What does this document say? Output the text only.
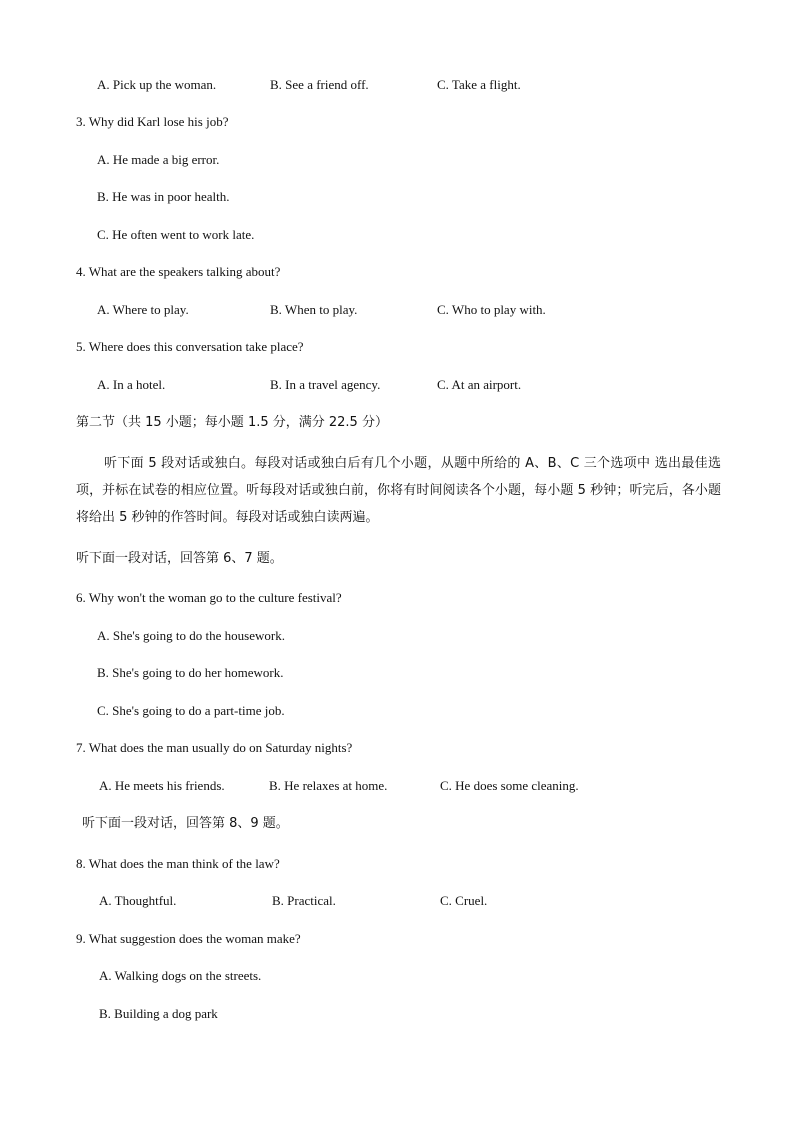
A. Pick up the woman.	B. See a friend off.	C. Take a flight.
3. Why did Karl lose his job?
A. He made a big error.
B. He was in poor health.
C. He often went to work late.
4. What are the speakers talking about?
A. Where to play.	B. When to play.	C. Who to play with.
5. Where does this conversation take place?
A. In a hotel.	B. In a travel agency.	C. At an airport.
第二节（共 15 小题；每小题 1.5 分，满分 22.5 分）
听下面 5 段对话或独白。每段对话或独白后有几个小题，从题中所给的 A、B、C 三个选项中 选出最佳选项，并标在试卷的相应位置。听每段对话或独白前，你将有时间阅读各个小题，每小题 5 秒钟；听完后，各小题将给出 5 秒钟的作答时间。每段对话或独白读两遍。
听下面一段对话，回答第 6、7 题。
6. Why won't the woman go to the culture festival?
A. She's going to do the housework.
B. She's going to do her homework.
C. She's going to do a part-time job.
7. What does the man usually do on Saturday nights?
A. He meets his friends.	B. He relaxes at home.	C. He does some cleaning.
听下面一段对话，回答第 8、9 题。
8. What does the man think of the law?
A. Thoughtful.	B. Practical.	C. Cruel.
9. What suggestion does the woman make?
A. Walking dogs on the streets.
B. Building a dog park
